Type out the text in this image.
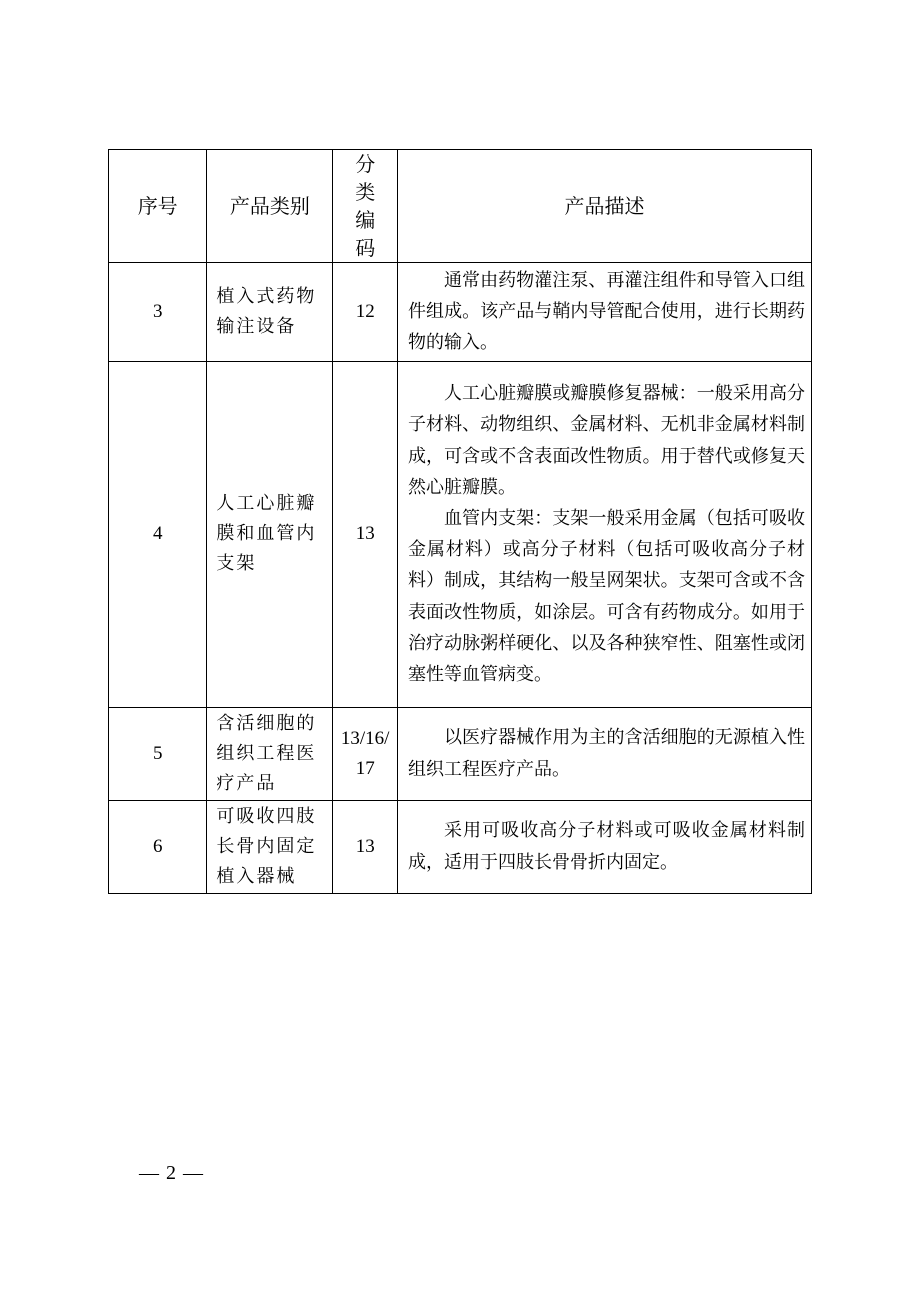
序号	产品类别	分类编码	产品描述
3	植入式药物输注设备	12	通常由药物灌注泵、再灌注组件和导管入口组件组成。该产品与鞘内导管配合使用，进行长期药物的输入。

4	人工心脏瓣膜和血管内支架	13	人工心脏瓣膜或瓣膜修复器械：一般采用高分子材料、动物组织、金属材料、无机非金属材料制成，可含或不含表面改性物质。用于替代或修复天然心脏瓣膜。

血管内支架：支架一般采用金属（包括可吸收金属材料）或高分子材料（包括可吸收高分子材料）制成，其结构一般呈网架状。支架可含或不含表面改性物质，如涂层。可含有药物成分。如用于治疗动脉粥样硬化、以及各种狭窄性、阻塞性或闭塞性等血管病变。

5	含活细胞的组织工程医疗产品	13/16/17	以医疗器械作用为主的含活细胞的无源植入性组织工程医疗产品。

6	可吸收四肢长骨内固定植入器械	13	采用可吸收高分子材料或可吸收金属材料制成，适用于四肢长骨骨折内固定。

— 2 —
